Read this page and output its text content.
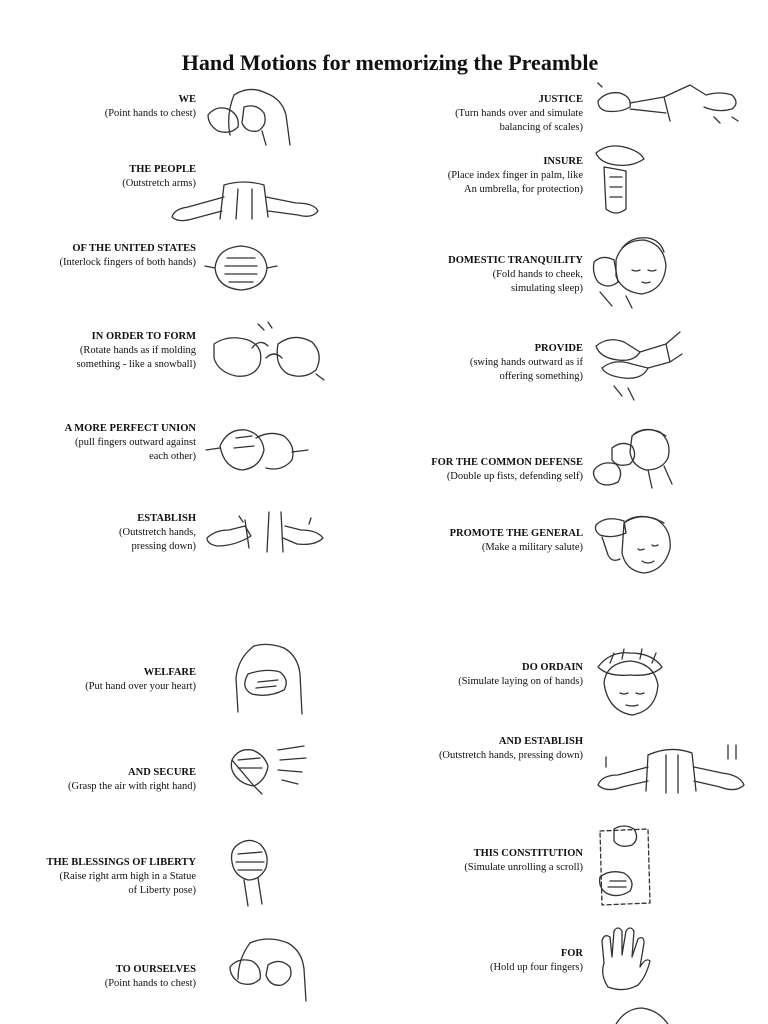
Hand Motions for memorizing the Preamble
WE
(Point hands to chest)
THE PEOPLE
(Outstretch arms)
OF THE UNITED STATES
(Interlock fingers of both hands)
IN ORDER TO FORM
(Rotate hands as if molding
something - like a snowball)
A MORE PERFECT UNION
(pull fingers outward against
each other)
ESTABLISH
(Outstretch hands,
pressing down)
WELFARE
(Put hand over your heart)
AND SECURE
(Grasp the air with right hand)
THE BLESSINGS OF LIBERTY
(Raise right arm high in a Statue
of Liberty pose)
TO OURSELVES
(Point hands to chest)
JUSTICE
(Turn hands over and simulate
balancing of scales)
INSURE
(Place index finger in palm, like
An umbrella, for protection)
DOMESTIC TRANQUILITY
(Fold hands to cheek,
simulating sleep)
PROVIDE
(swing hands outward as if
offering something)
FOR THE COMMON DEFENSE
(Double up fists, defending self)
PROMOTE THE GENERAL
(Make a military salute)
DO ORDAIN
(Simulate laying on of hands)
AND ESTABLISH
(Outstretch hands, pressing down)
THIS CONSTITUTION
(Simulate unrolling a scroll)
FOR
(Hold up four fingers)
